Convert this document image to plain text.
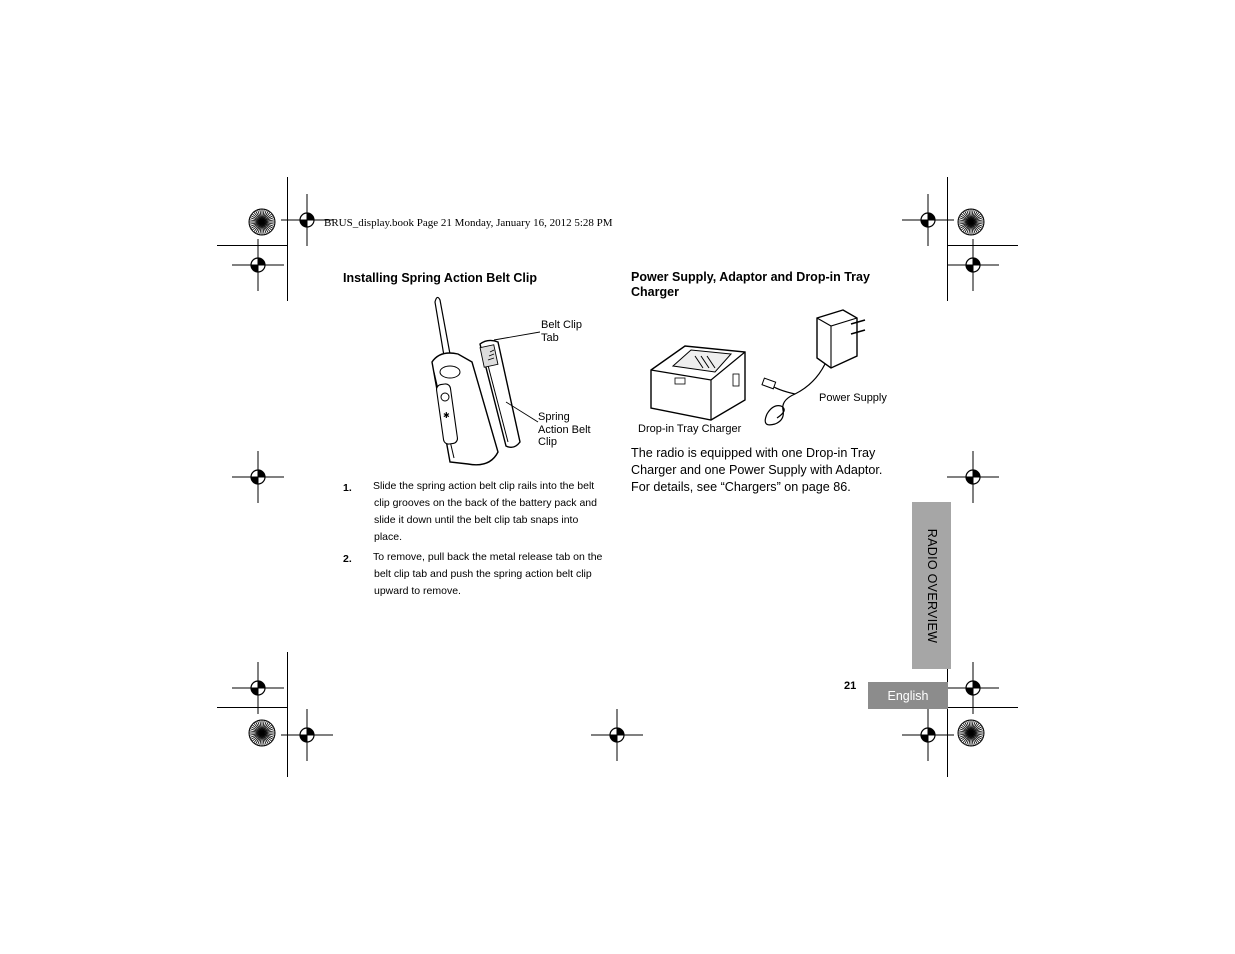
BRUS_display.book Page 21 Monday, January 16, 2012 5:28 PM
Installing Spring Action Belt Clip
✱
Belt Clip
Tab
Spring
Action Belt
Clip
1. Slide the spring action belt clip rails into the belt clip grooves on the back of the battery pack and slide it down until the belt clip tab snaps into place.
2. To remove, pull back the metal release tab on the belt clip tab and push the spring action belt clip upward to remove.
Power Supply, Adaptor and Drop-in Tray Charger
Power Supply
Drop-in Tray Charger
The radio is equipped with one Drop-in Tray Charger and one Power Supply with Adaptor. For details, see “Chargers” on page 86.
RADIO OVERVIEW
21
English
